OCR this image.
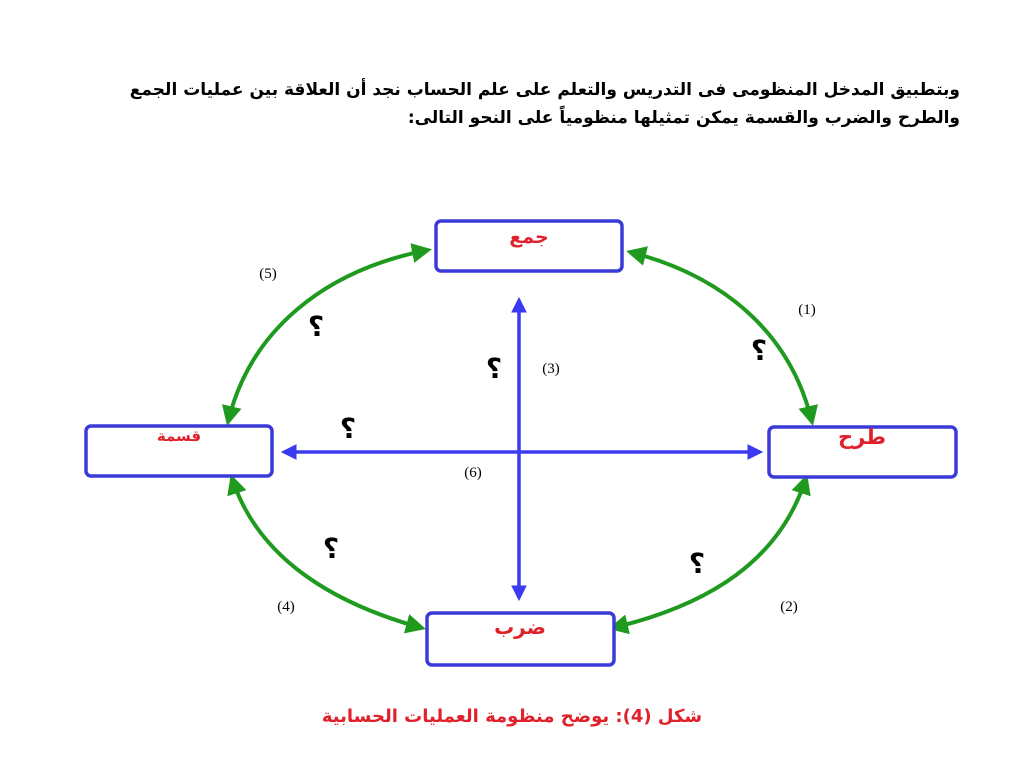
وبتطبيق المدخل المنظومى فى التدريس والتعلم على علم الحساب نجد أن العلاقة بين عمليات الجمع
والطرح والضرب والقسمة يمكن تمثيلها منظومياً على النحو التالى:
جمع
طرح
ضرب
قسمة
(5)
(1)
(3)
(6)
(4)	(2)
؟
؟
؟
؟
؟	؟
شكل (4): يوضح منظومة العمليات الحسابية
